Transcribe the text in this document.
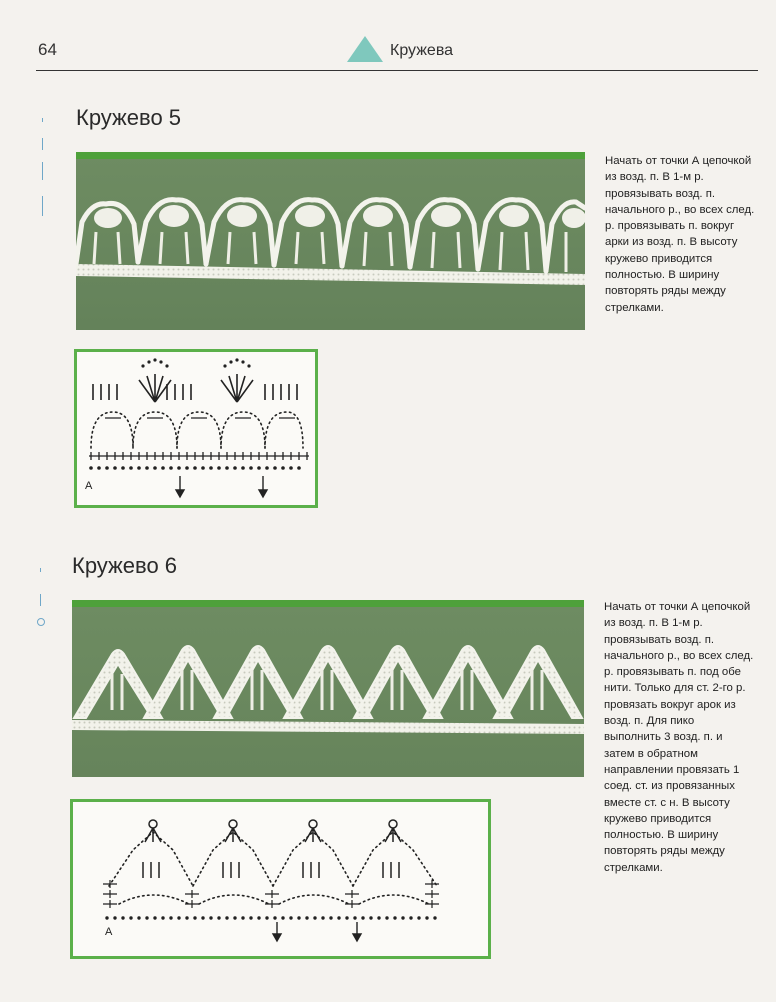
64	Кружева
Кружево 5
Начать от точки А цепочкой из возд. п. В 1-м р. провязывать возд. п. начального р., во всех след. р. провязывать п. вокруг арки из возд. п. В высоту кружево приводится полностью. В ширину повторять ряды между стрелками.
А
Кружево 6
Начать от точки А цепочкой из возд. п. В 1-м р. провязывать возд. п. начального р., во всех след. р. провязывать п. под обе нити. Только для ст. 2-го р. провязать вокруг арок из возд. п. Для пико выполнить 3 возд. п. и затем в обратном направлении провязать 1 соед. ст. из провязанных вместе ст. с н. В высоту кружево приводится полностью. В ширину повторять ряды между стрелками.
А
